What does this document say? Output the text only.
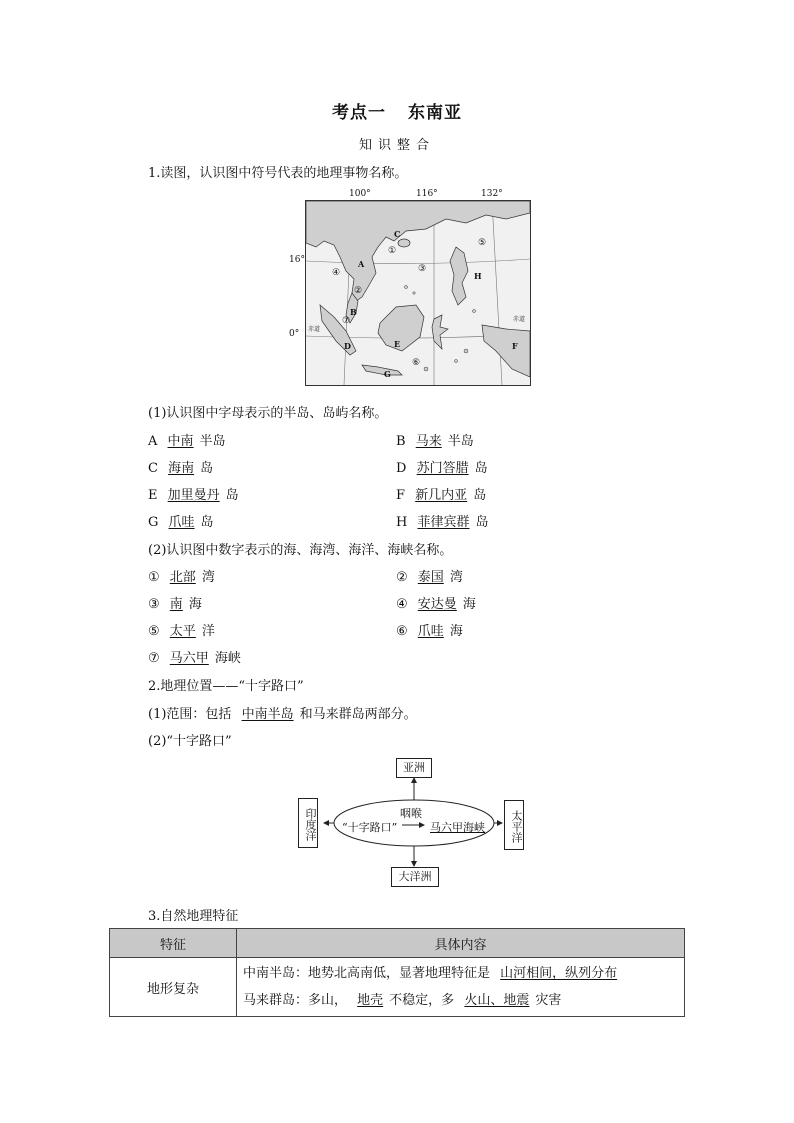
考点一 东南亚
知识整合
1.读图，认识图中符号代表的地理事物名称。
100°	116°	132°
16°
0° 赤道
赤道
A
B
C
D	E	F
G
H
①
②
③
④
⑤
⑥
⑦
(1)认识图中字母表示的半岛、岛屿名称。
A 中南 半岛	B 马来 半岛
C 海南 岛	D 苏门答腊 岛
E 加里曼丹 岛	F 新几内亚 岛
G 爪哇 岛	H 菲律宾群 岛
(2)认识图中数字表示的海、海湾、海洋、海峡名称。
① 北部 湾	② 泰国 湾
③ 南 海	④ 安达曼 海
⑤ 太平 洋	⑥ 爪哇 海
⑦ 马六甲 海峡
2.地理位置——“十字路口”
(1)范围：包括 中南半岛 和马来群岛两部分。
(2)“十字路口”
亚洲
大洋洲
印度洋	太平洋
咽喉
“十字路口”	马六甲海峡
3.自然地理特征
特征	具体内容
地形复杂	中南半岛：地势北高南低，显著地理特征是 山河相间，纵列分布
马来群岛：多山， 地壳 不稳定，多 火山、地震 灾害
